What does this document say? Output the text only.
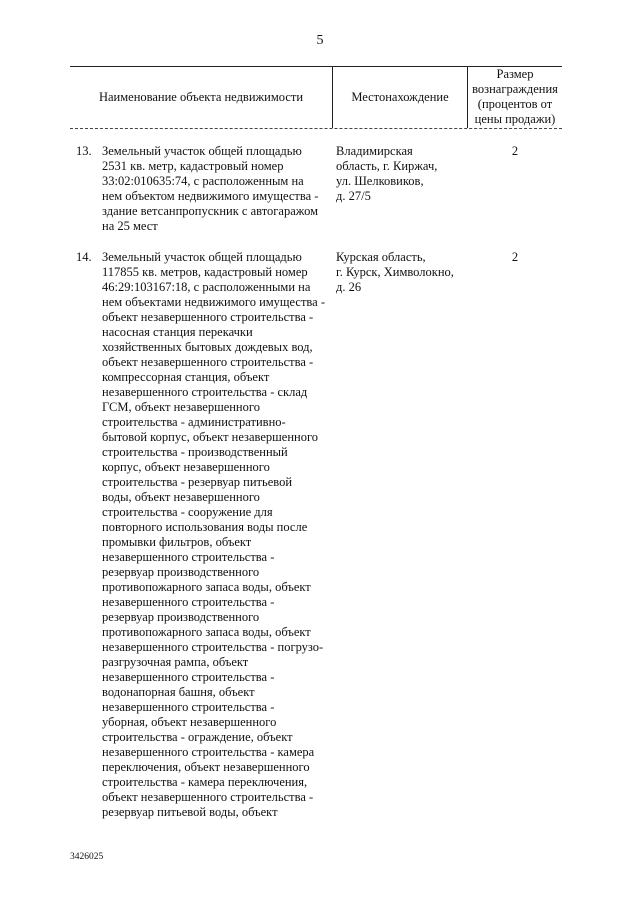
5
Наименование объекта недвижимости	Местонахождение
Размер вознаграждения (процентов от цены продажи)
13. Земельный участок общей площадью
2531 кв. метр, кадастровый номер
33:02:010635:74, с расположенным на
нем объектом недвижимого имущества -
здание ветсанпропускник с автогаражом
на 25 мест
Владимирская
область, г. Киржач,
ул. Шелковиков,
д. 27/5
2
14. Земельный участок общей площадью
117855 кв. метров, кадастровый номер
46:29:103167:18, с расположенными на
нем объектами недвижимого имущества -
объект незавершенного строительства -
насосная станция перекачки
хозяйственных бытовых дождевых вод,
объект незавершенного строительства -
компрессорная станция, объект
незавершенного строительства - склад
ГСМ, объект незавершенного
строительства - административно-
бытовой корпус, объект незавершенного
строительства - производственный
корпус, объект незавершенного
строительства - резервуар питьевой
воды, объект незавершенного
строительства - сооружение для
повторного использования воды после
промывки фильтров, объект
незавершенного строительства -
резервуар производственного
противопожарного запаса воды, объект
незавершенного строительства -
резервуар производственного
противопожарного запаса воды, объект
незавершенного строительства - погрузо-
разгрузочная рампа, объект
незавершенного строительства -
водонапорная башня, объект
незавершенного строительства -
уборная, объект незавершенного
строительства - ограждение, объект
незавершенного строительства - камера
переключения, объект незавершенного
строительства - камера переключения,
объект незавершенного строительства -
резервуар питьевой воды, объект
Курская область,
г. Курск, Химволокно,
д. 26
2
3426025
